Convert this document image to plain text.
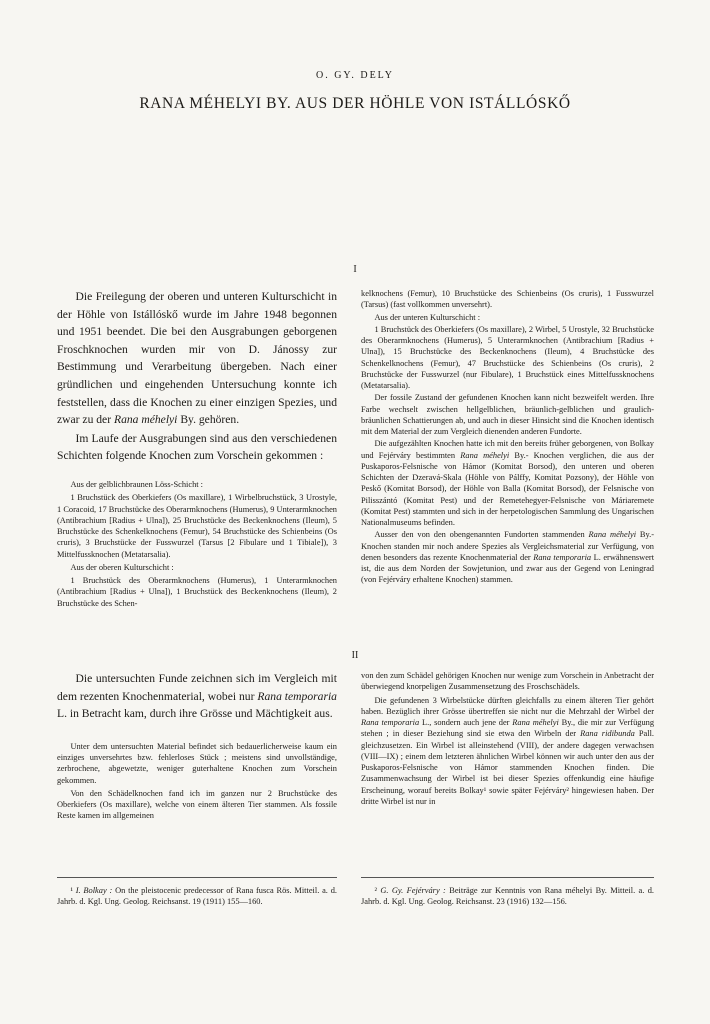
O. GY. DELY
RANA MÉHELYI BY. AUS DER HÖHLE VON ISTÁLLÓSKŐ
I

Die Freilegung der oberen und unteren Kulturschicht in der Höhle von Istállóskő wurde im Jahre 1948 begonnen und 1951 beendet. Die bei den Ausgrabungen geborgenen Froschknochen wurden mir von D. Jánossy zur Bestimmung und Verarbeitung übergeben. Nach einer gründlichen und eingehenden Untersuchung konnte ich feststellen, dass die Knochen zu einer einzigen Spezies, und zwar zu der Rana méhelyi By. gehören.

Im Laufe der Ausgrabungen sind aus den verschiedenen Schichten folgende Knochen zum Vorschein gekommen :

Aus der gelblichbraunen Löss-Schicht :

1 Bruchstück des Oberkiefers (Os maxillare), 1 Wirbelbruchstück, 3 Urostyle, 1 Coracoid, 17 Bruchstücke des Oberarmknochens (Humerus), 9 Unterarmknochen (Antibrachium [Radius + Ulna]), 25 Bruchstücke des Beckenknochens (Ileum), 5 Bruchstücke des Schenkelknochens (Femur), 54 Bruchstücke des Schienbeins (Os cruris), 3 Bruchstücke der Fusswurzel (Tarsus [2 Fibulare und 1 Tibiale]), 3 Mittelfussknochen (Metatarsalia).

Aus der oberen Kulturschicht :

1 Bruchstück des Oberarmknochens (Humerus), 1 Unterarmknochen (Antibrachium [Radius + Ulna]), 1 Bruchstück des Beckenknochens (Ileum), 2 Bruchstücke des Schen-

kelknochens (Femur), 10 Bruchstücke des Schienbeins (Os cruris), 1 Fusswurzel (Tarsus) (fast vollkommen unversehrt).

Aus der unteren Kulturschicht :

1 Bruchstück des Oberkiefers (Os maxillare), 2 Wirbel, 5 Urostyle, 32 Bruchstücke des Oberarmknochens (Humerus), 5 Unterarmknochen (Antibrachium [Radius + Ulna]), 15 Bruchstücke des Beckenknochens (Ileum), 4 Bruchstücke des Schenkelknochens (Femur), 47 Bruchstücke des Schienbeins (Os cruris), 2 Bruchstücke der Fusswurzel (nur Fibulare), 1 Bruchstück eines Mittelfussknochens (Metatarsalia).

Der fossile Zustand der gefundenen Knochen kann nicht bezweifelt werden. Ihre Farbe wechselt zwischen hellgelblichen, bräunlich-gelblichen und graulich-bräunlichen Schattierungen ab, und auch in dieser Hinsicht sind die Knochen identisch mit dem Material der zum Vergleich dienenden anderen Fundorte.

Die aufgezählten Knochen hatte ich mit den bereits früher geborgenen, von Bolkay und Fejérváry bestimmten Rana méhelyi By.- Knochen verglichen, die aus der Puskaporos-Felsnische von Hámor (Komitat Borsod), den unteren und oberen Schichten der Dzeravá-Skala (Höhle von Pálffy, Komitat Pozsony), der Höhle von Peskő (Komitat Borsod), der Höhle von Balla (Komitat Borsod), der Felsnische von Pilisszántó (Komitat Pest) und der Remetehegyer-Felsnische von Máriaremete (Komitat Pest) stammten und sich in der herpetologischen Sammlung des Ungarischen Nationalmuseums befinden.

Ausser den von den obengenannten Fundorten stammenden Rana méhelyi By.-Knochen standen mir noch andere Spezies als Vergleichsmaterial zur Verfügung, von denen besonders das rezente Knochenmaterial der Rana temporaria L. erwähnenswert ist, die aus dem Norden der Sowjetunion, und zwar aus der Gegend von Leningrad (von Fejérváry erhaltene Knochen) stammen.

II

Die untersuchten Funde zeichnen sich im Vergleich mit dem rezenten Knochenmaterial, wobei nur Rana temporaria L. in Betracht kam, durch ihre Grösse und Mächtigkeit aus.

Unter dem untersuchten Material befindet sich bedauerlicherweise kaum ein einziges unversehrtes bzw. fehlerloses Stück ; meistens sind unvollständige, zerbrochene, abgewetzte, weniger guterhaltene Knochen zum Vorschein gekommen.

Von den Schädelknochen fand ich im ganzen nur 2 Bruchstücke des Oberkiefers (Os maxillare), welche von einem älteren Tier stammen. Als fossile Reste kamen im allgemeinen

von den zum Schädel gehörigen Knochen nur wenige zum Vorschein in Anbetracht der überwiegend knorpeligen Zusammensetzung des Froschschädels.

Die gefundenen 3 Wirbelstücke dürften gleichfalls zu einem älteren Tier gehört haben. Bezüglich ihrer Grösse übertreffen sie nicht nur die Mehrzahl der Wirbel der Rana temporaria L., sondern auch jene der Rana méhelyi By., die mir zur Verfügung stehen ; in dieser Beziehung sind sie etwa den Wirbeln der Rana ridibunda Pall. gleichzusetzen. Ein Wirbel ist alleinstehend (VIII), der andere dagegen verwachsen (VIII—IX) ; einem dem letzteren ähnlichen Wirbel können wir auch unter den aus der Puskaporos-Felsnische von Hámor stammenden Knochen finden. Die Zusammenwachsung der Wirbel ist bei dieser Spezies offenkundig eine häufige Erscheinung, worauf bereits Bolkay¹ sowie später Fejérváry² hingewiesen haben. Der dritte Wirbel ist nur in

¹ I. Bolkay : On the pleistocenic predecessor of Rana fusca Rös. Mitteil. a. d. Jahrb. d. Kgl. Ung. Geolog. Reichsanst. 19 (1911) 155—160.

² G. Gy. Fejérváry : Beiträge zur Kenntnis von Rana méhelyi By. Mitteil. a. d. Jahrb. d. Kgl. Ung. Geolog. Reichsanst. 23 (1916) 132—156.
